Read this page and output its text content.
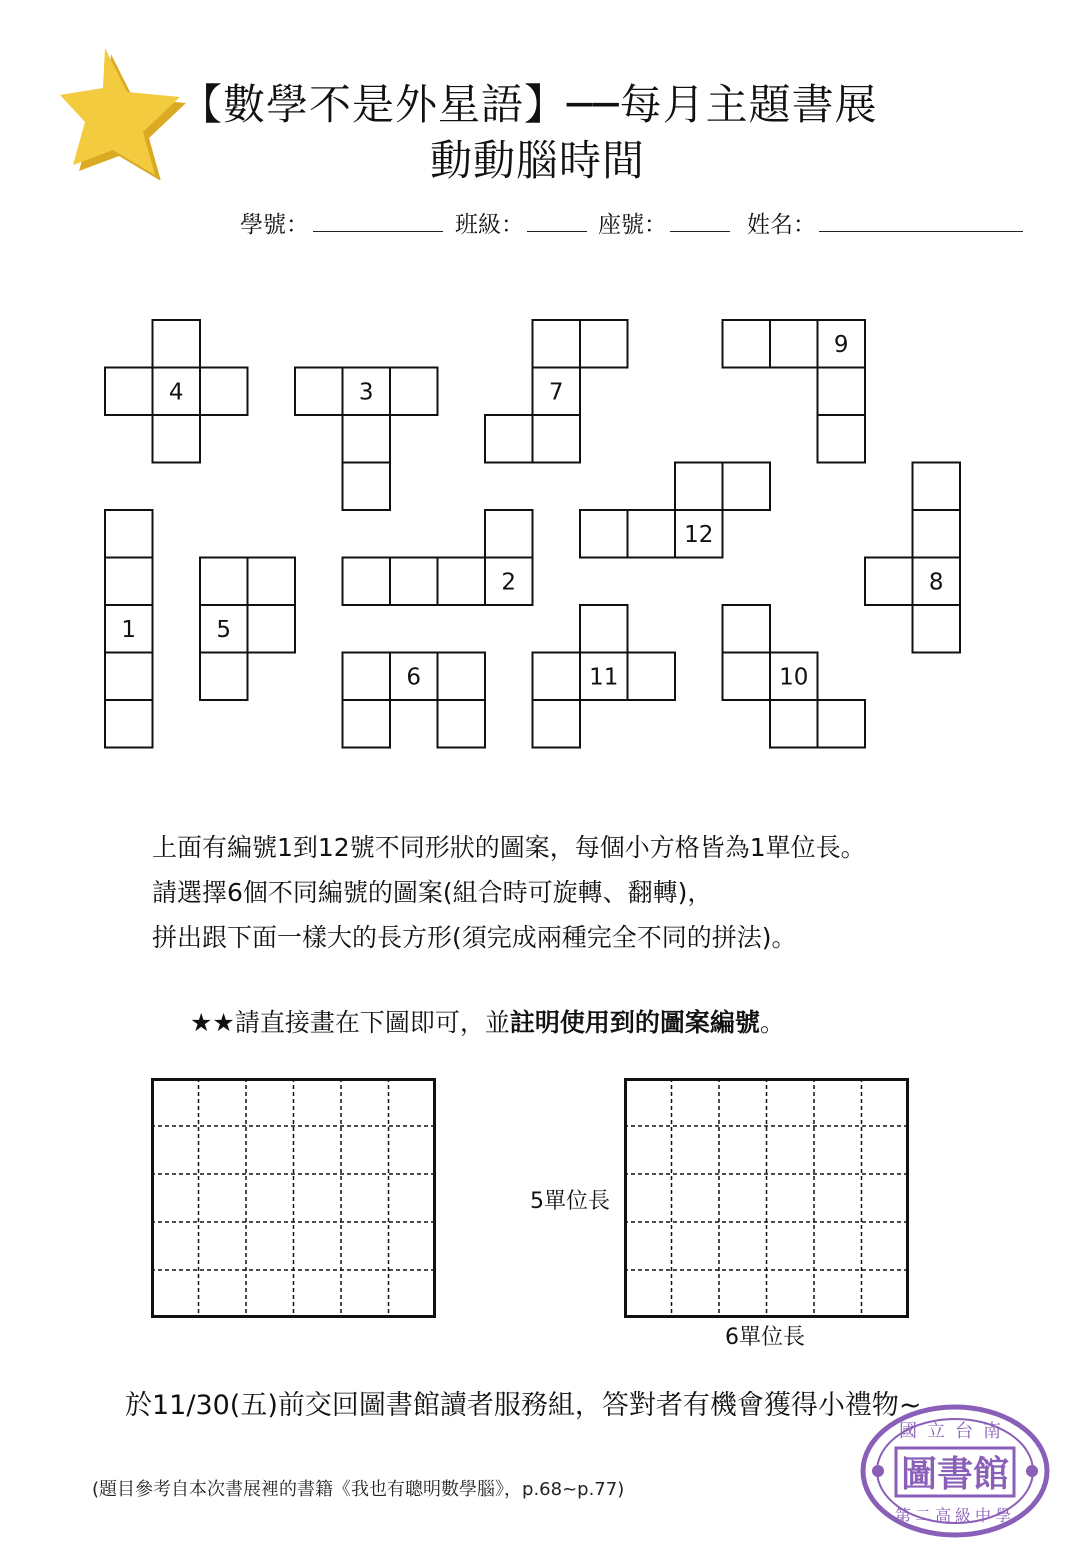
【數學不是外星語】──每月主題書展
動動腦時間
學號：	班級：	座號：	姓名：
4	3	7
9
1	5
2
12
8
6	11	10
上面有編號1到12號不同形狀的圖案，每個小方格皆為1單位長。
請選擇6個不同編號的圖案(組合時可旋轉、翻轉)，
拼出跟下面一樣大的長方形(須完成兩種完全不同的拼法)。
★★請直接畫在下圖即可，並註明使用到的圖案編號。
5單位長
6單位長
於11/30(五)前交回圖書館讀者服務組，答對者有機會獲得小禮物~
(題目參考自本次書展裡的書籍《我也有聰明數學腦》，p.68~p.77)	圖書館
國立台南
第二高級中學
